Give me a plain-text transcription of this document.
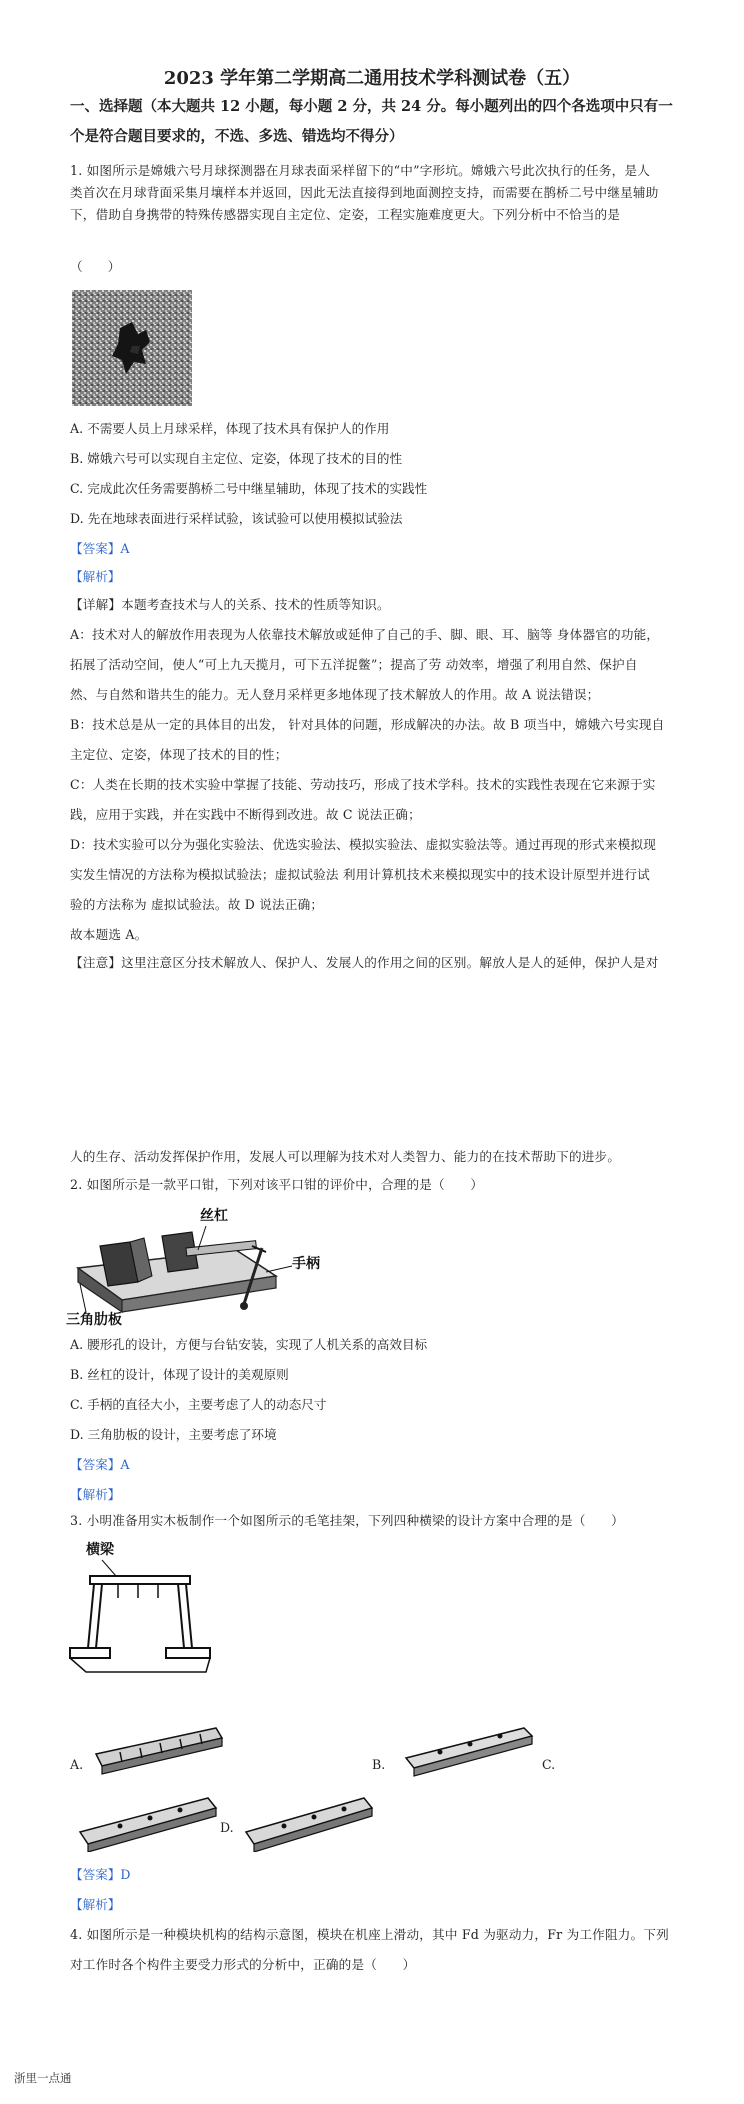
2023 学年第二学期高二通用技术学科测试卷（五）
一、选择题（本大题共 12 小题，每小题 2 分，共 24 分。每小题列出的四个各选项中只有一
个是符合题目要求的，不选、多选、错选均不得分）
1. 如图所示是嫦娥六号月球探测器在月球表面采样留下的“中”字形坑。嫦娥六号此次执行的任务，是人
类首次在月球背面采集月壤样本并返回，因此无法直接得到地面测控支持，而需要在鹊桥二号中继星辅助
下，借助自身携带的特殊传感器实现自主定位、定姿，工程实施难度更大。下列分析中不恰当的是
（　　）
A. 不需要人员上月球采样，体现了技术具有保护人的作用
B. 嫦娥六号可以实现自主定位、定姿，体现了技术的目的性
C. 完成此次任务需要鹊桥二号中继星辅助，体现了技术的实践性
D. 先在地球表面进行采样试验，该试验可以使用模拟试验法
【答案】A
【解析】
【详解】本题考查技术与人的关系、技术的性质等知识。
A：技术对人的解放作用表现为人依靠技术解放或延伸了自己的手、脚、眼、耳、脑等 身体器官的功能，
拓展了活动空间，使人“可上九天揽月，可下五洋捉鳖”；提高了劳 动效率，增强了利用自然、保护自
然、与自然和谐共生的能力。无人登月采样更多地体现了技术解放人的作用。故 A 说法错误；
B：技术总是从一定的具体目的出发， 针对具体的问题，形成解决的办法。故 B 项当中，嫦娥六号实现自
主定位、定姿，体现了技术的目的性；
C：人类在长期的技术实验中掌握了技能、劳动技巧，形成了技术学科。技术的实践性表现在它来源于实
践，应用于实践，并在实践中不断得到改进。故 C 说法正确；
D：技术实验可以分为强化实验法、优选实验法、模拟实验法、虚拟实验法等。通过再现的形式来模拟现
实发生情况的方法称为模拟试验法；虚拟试验法 利用计算机技术来模拟现实中的技术设计原型并进行试
验的方法称为 虚拟试验法。故 D 说法正确；
故本题选 A。
【注意】这里注意区分技术解放人、保护人、发展人的作用之间的区别。解放人是人的延伸，保护人是对
人的生存、活动发挥保护作用，发展人可以理解为技术对人类智力、能力的在技术帮助下的进步。
2. 如图所示是一款平口钳，下列对该平口钳的评价中，合理的是（　　）
丝杠
手柄
三角肋板
A. 腰形孔的设计，方便与台钻安装，实现了人机关系的高效目标
B. 丝杠的设计，体现了设计的美观原则
C. 手柄的直径大小，主要考虑了人的动态尺寸
D. 三角肋板的设计，主要考虑了环境
【答案】A
【解析】
3. 小明准备用实木板制作一个如图所示的毛笔挂架，下列四种横梁的设计方案中合理的是（　　）
横梁
A.	B.	C.
D.
【答案】D
【解析】
4. 如图所示是一种模块机构的结构示意图，模块在机座上滑动，其中 Fd 为驱动力，Fr 为工作阻力。下列
对工作时各个构件主要受力形式的分析中，正确的是（　　）
浙里一点通
